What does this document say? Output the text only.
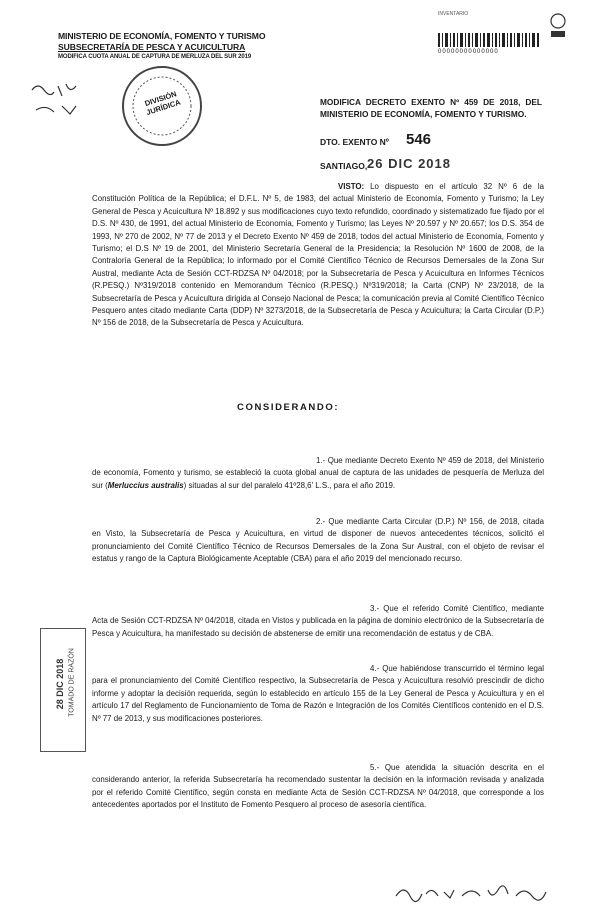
MINISTERIO DE ECONOMÍA, FOMENTO Y TURISMO
SUBSECRETARÍA DE PESCA Y ACUICULTURA
MODIFICA CUOTA ANUAL DE CAPTURA DE MERLUZA DEL SUR 2019
DIVISIÓN JURÍDICA
INVENTARIO
00000000000000
MODIFICA DECRETO EXENTO Nº 459 DE 2018, DEL MINISTERIO DE ECONOMÍA, FOMENTO Y TURISMO.
DTO. EXENTO Nº 546
SANTIAGO, 26 DIC 2018
VISTO: Lo dispuesto en el artículo 32 Nº 6 de la Constitución Política de la República; el D.F.L. Nº 5, de 1983, del actual Ministerio de Economía, Fomento y Turismo; la Ley General de Pesca y Acuicultura Nº 18.892 y sus modificaciones cuyo texto refundido, coordinado y sistematizado fue fijado por el D.S. Nº 430, de 1991, del actual Ministerio de Economía, Fomento y Turismo; las Leyes Nº 20.597 y Nº 20.657; los D.S. 354 de 1993, Nº 270 de 2002, Nº 77 de 2013 y el Decreto Exento Nº 459 de 2018, todos del actual Ministerio de Economía, Fomento y Turismo; el D.S Nº 19 de 2001, del Ministerio Secretaría General de la Presidencia; la Resolución Nº 1600 de 2008, de la Contraloría General de la República; lo informado por el Comité Científico Técnico de Recursos Demersales de la Zona Sur Austral, mediante Acta de Sesión CCT-RDZSA Nº 04/2018; por la Subsecretaría de Pesca y Acuicultura en Informes Técnicos (R.PESQ.) Nº319/2018 contenido en Memorandum Técnico (R.PESQ.) Nº319/2018; la Carta (CNP) Nº 23/2018, de la Subsecretaría de Pesca y Acuicultura dirigida al Consejo Nacional de Pesca; la comunicación previa al Comité Científico Técnico Pesquero antes citado mediante Carta (DDP) Nº 3273/2018, de la Subsecretaría de Pesca y Acuicultura; la Carta Circular (D.P.) Nº 156 de 2018, de la Subsecretaría de Pesca y Acuicultura.
CONSIDERANDO:
1.- Que mediante Decreto Exento Nº 459 de 2018, del Ministerio de economía, Fomento y turismo, se estableció la cuota global anual de captura de las unidades de pesquería de Merluza del sur (Merluccius australis) situadas al sur del paralelo 41º28,6' L.S., para el año 2019.
2.- Que mediante Carta Circular (D.P.) Nº 156, de 2018, citada en Visto, la Subsecretaría de Pesca y Acuicultura, en virtud de disponer de nuevos antecedentes técnicos, solicitó el pronunciamiento del Comité Científico Técnico de Recursos Demersales de la Zona Sur Austral, con el objeto de revisar el estatus y rango de la Captura Biológicamente Aceptable (CBA) para el año 2019 del mencionado recurso.
3.- Que el referido Comité Científico, mediante Acta de Sesión CCT-RDZSA Nº 04/2018, citada en Vistos y publicada en la página de dominio electrónico de la Subsecretaría de Pesca y Acuicultura, ha manifestado su decisión de abstenerse de emitir una recomendación de estatus y de CBA.
4.- Que habiéndose transcurrido el término legal para el pronunciamiento del Comité Científico respectivo, la Subsecretaría de Pesca y Acuicultura resolvió prescindir de dicho informe y adoptar la decisión requerida, según lo establecido en artículo 155 de la Ley General de Pesca y Acuicultura y en el artículo 17 del Reglamento de Funcionamiento de Toma de Razón e Integración de los Comités Científicos contenido en el D.S. Nº 77 de 2013, y sus modificaciones posteriores.
5.- Que atendida la situación descrita en el considerando anterior, la referida Subsecretaría ha recomendado sustentar la decisión en la información revisada y analizada por el referido Comité Científico, según consta en mediante Acta de Sesión CCT-RDZSA Nº 04/2018, que corresponde a los antecedentes aportados por el Instituto de Fomento Pesquero al proceso de asesoría científica.
28 DIC 2018 TOMADO DE RAZÓN
